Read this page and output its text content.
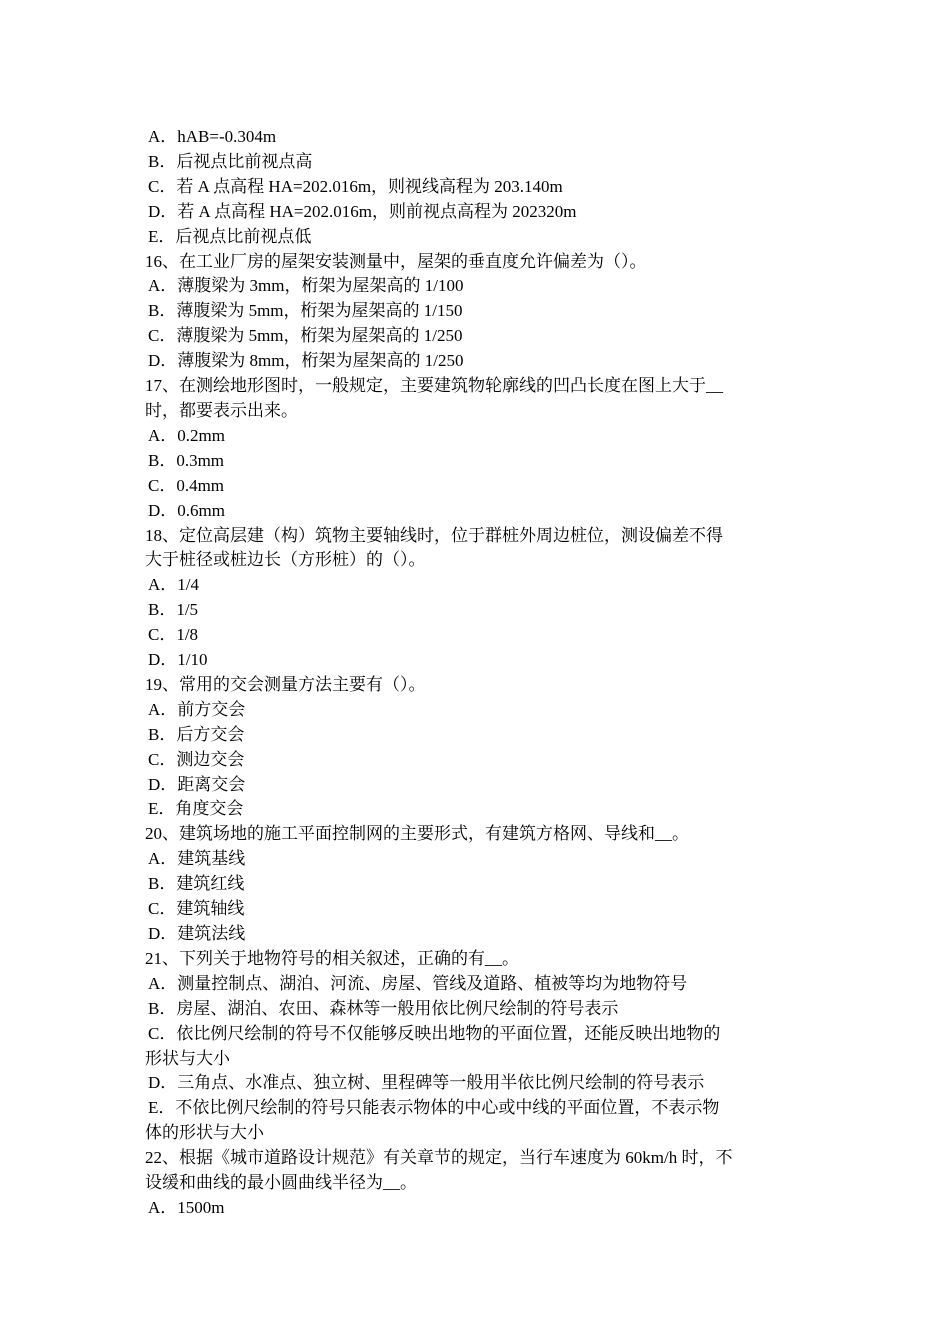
A．hAB=-0.304m
B．后视点比前视点高
C．若 A 点高程 HA=202.016m，则视线高程为 203.140m
D．若 A 点高程 HA=202.016m，则前视点高程为 202320m
E．后视点比前视点低
16、在工业厂房的屋架安装测量中，屋架的垂直度允许偏差为（）。
A．薄腹梁为 3mm，桁架为屋架高的 1/100
B．薄腹梁为 5mm，桁架为屋架高的 1/150
C．薄腹梁为 5mm，桁架为屋架高的 1/250
D．薄腹梁为 8mm，桁架为屋架高的 1/250
17、在测绘地形图时，一般规定，主要建筑物轮廓线的凹凸长度在图上大于__
时，都要表示出来。
A．0.2mm
B．0.3mm
C．0.4mm
D．0.6mm
18、定位高层建（构）筑物主要轴线时，位于群桩外周边桩位，测设偏差不得
大于桩径或桩边长（方形桩）的（）。
A．1/4
B．1/5
C．1/8
D．1/10
19、常用的交会测量方法主要有（）。
A．前方交会
B．后方交会
C．测边交会
D．距离交会
E．角度交会
20、建筑场地的施工平面控制网的主要形式，有建筑方格网、导线和__。
A．建筑基线
B．建筑红线
C．建筑轴线
D．建筑法线
21、下列关于地物符号的相关叙述，正确的有__。
A．测量控制点、湖泊、河流、房屋、管线及道路、植被等均为地物符号
B．房屋、湖泊、农田、森林等一般用依比例尺绘制的符号表示
C．依比例尺绘制的符号不仅能够反映出地物的平面位置，还能反映出地物的
形状与大小
D．三角点、水准点、独立树、里程碑等一般用半依比例尺绘制的符号表示
E．不依比例尺绘制的符号只能表示物体的中心或中线的平面位置，不表示物
体的形状与大小
22、根据《城市道路设计规范》有关章节的规定，当行车速度为 60km/h 时，不
设缓和曲线的最小圆曲线半径为__。
A．1500m
